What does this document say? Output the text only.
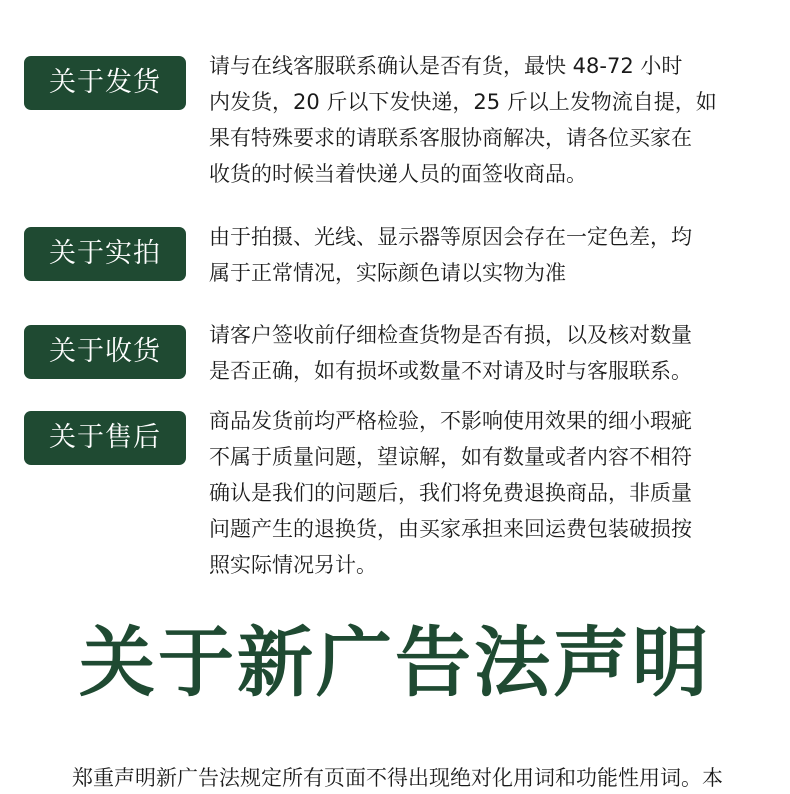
关于发货
请与在线客服联系确认是否有货，最快 48-72 小时
内发货，20 斤以下发快递，25 斤以上发物流自提，如
果有特殊要求的请联系客服协商解决，请各位买家在
收货的时候当着快递人员的面签收商品。
关于实拍
由于拍摄、光线、显示器等原因会存在一定色差，均
属于正常情况，实际颜色请以实物为准
关于收货
请客户签收前仔细检查货物是否有损，以及核对数量
是否正确，如有损坏或数量不对请及时与客服联系。
关于售后
商品发货前均严格检验，不影响使用效果的细小瑕疵
不属于质量问题，望谅解，如有数量或者内容不相符
确认是我们的问题后，我们将免费退换商品，非质量
问题产生的退换货，由买家承担来回运费包装破损按
照实际情况另计。
关于新广告法声明
郑重声明新广告法规定所有页面不得出现绝对化用词和功能性用词。本
